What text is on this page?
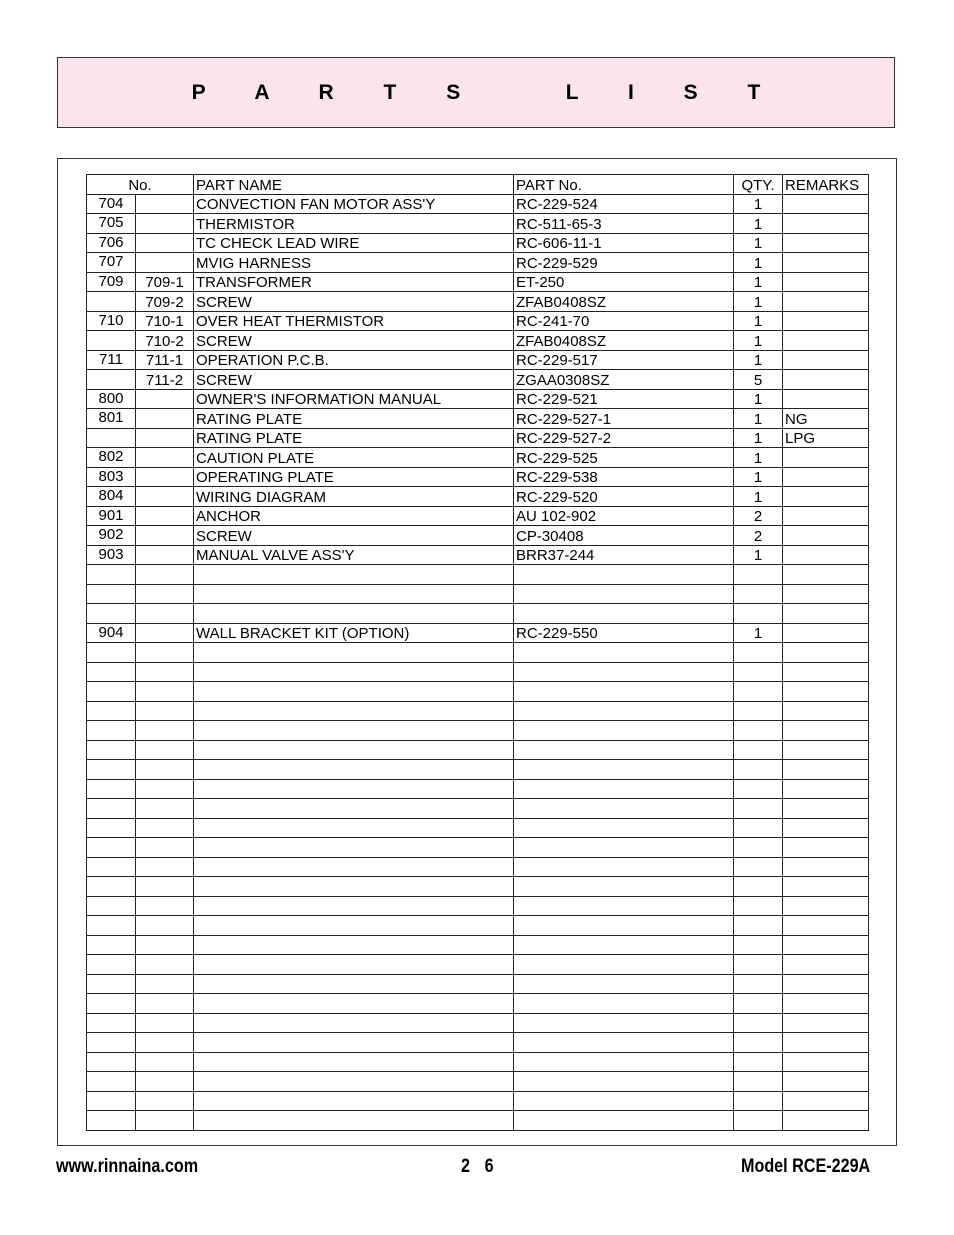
P A R T S   L I S T
No.		PART NAME	PART No.	QTY.	REMARKS
704		CONVECTION FAN MOTOR ASS'Y	RC-229-524	1	
705		THERMISTOR	RC-511-65-3	1	
706		TC CHECK LEAD WIRE	RC-606-11-1	1	
707		MVIG HARNESS	RC-229-529	1	
709	709-1	TRANSFORMER	ET-250	1	
	709-2	SCREW	ZFAB0408SZ	1	
710	710-1	OVER HEAT THERMISTOR	RC-241-70	1	
	710-2	SCREW	ZFAB0408SZ	1	
711	711-1	OPERATION P.C.B.	RC-229-517	1	
	711-2	SCREW	ZGAA0308SZ	5	
800		OWNER'S INFORMATION MANUAL	RC-229-521	1	
801		RATING PLATE	RC-229-527-1	1	NG
		RATING PLATE	RC-229-527-2	1	LPG
802		CAUTION PLATE	RC-229-525	1	
803		OPERATING PLATE	RC-229-538	1	
804		WIRING DIAGRAM	RC-229-520	1	
901		ANCHOR	AU 102-902	2	
902		SCREW	CP-30408	2	
903		MANUAL VALVE ASS'Y	BRR37-244	1	

904		WALL BRACKET KIT (OPTION)	RC-229-550	1	

www.rinnaina.com	2 6	Model RCE-229A
